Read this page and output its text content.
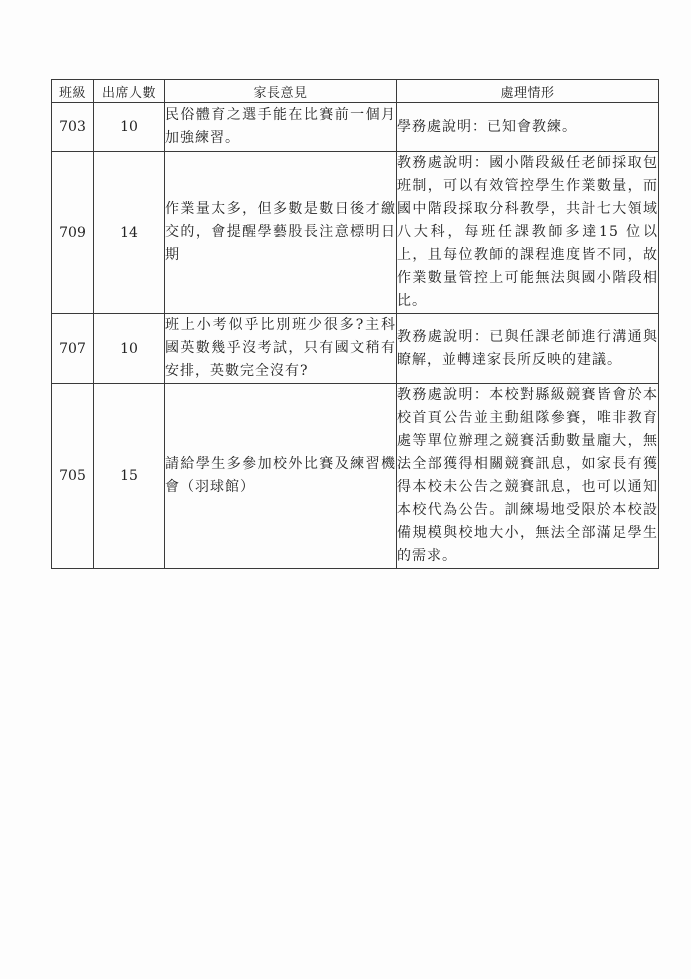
班級	出席人數	家長意見	處理情形
703	10	民俗體育之選手能在比賽前一個月加強練習。	學務處說明：已知會教練。
709	14	作業量太多，但多數是數日後才繳交的，會提醒學藝股長注意標明日期	教務處說明：國小階段級任老師採取包班制，可以有效管控學生作業數量，而國中階段採取分科教學，共計七大領域八大科，每班任課教師多達15 位以上，且每位教師的課程進度皆不同，故作業數量管控上可能無法與國小階段相比。
707	10	班上小考似乎比別班少很多?主科國英數幾乎沒考試，只有國文稍有安排，英數完全沒有?	教務處說明：已與任課老師進行溝通與瞭解，並轉達家長所反映的建議。
705	15	請給學生多參加校外比賽及練習機會（羽球館）	教務處說明：本校對縣級競賽皆會於本校首頁公告並主動組隊參賽，唯非教育處等單位辦理之競賽活動數量龐大，無法全部獲得相關競賽訊息，如家長有獲得本校未公告之競賽訊息，也可以通知本校代為公告。訓練場地受限於本校設備規模與校地大小，無法全部滿足學生的需求。
